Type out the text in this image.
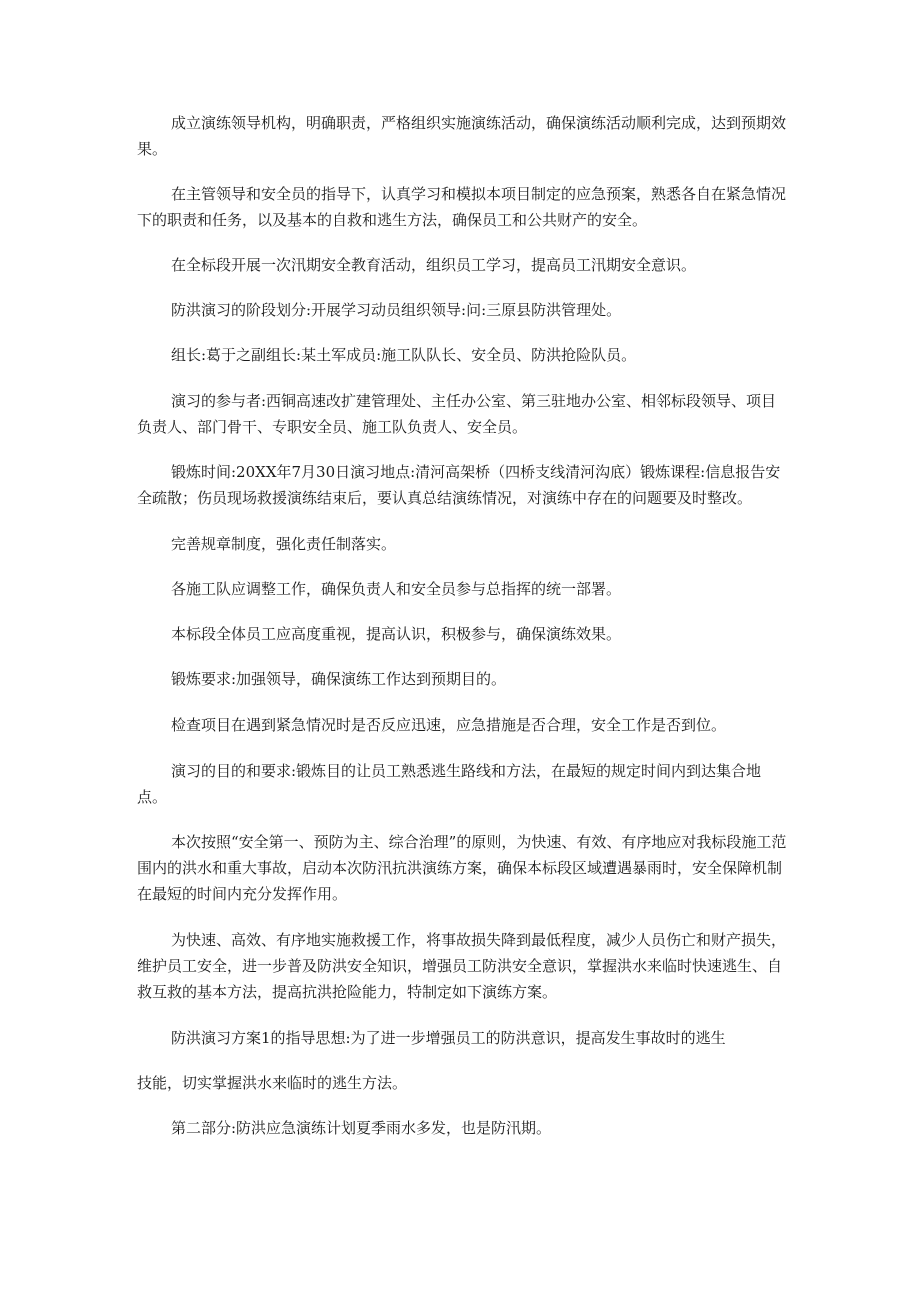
成立演练领导机构，明确职责，严格组织实施演练活动，确保演练活动顺利完成，达到预期效果。

在主管领导和安全员的指导下，认真学习和模拟本项目制定的应急预案，熟悉各自在紧急情况下的职责和任务，以及基本的自救和逃生方法，确保员工和公共财产的安全。

在全标段开展一次汛期安全教育活动，组织员工学习，提高员工汛期安全意识。

防洪演习的阶段划分:开展学习动员组织领导:问:三原县防洪管理处。

组长:葛于之副组长:某土军成员:施工队队长、安全员、防洪抢险队员。

演习的参与者:西铜高速改扩建管理处、主任办公室、第三驻地办公室、相邻标段领导、项目负责人、部门骨干、专职安全员、施工队负责人、安全员。

锻炼时间:20XX年7月30日演习地点:清河高架桥（四桥支线清河沟底）锻炼课程:信息报告安全疏散；伤员现场救援演练结束后，要认真总结演练情况，对演练中存在的问题要及时整改。

完善规章制度，强化责任制落实。

各施工队应调整工作，确保负责人和安全员参与总指挥的统一部署。

本标段全体员工应高度重视，提高认识，积极参与，确保演练效果。

锻炼要求:加强领导，确保演练工作达到预期目的。

检查项目在遇到紧急情况时是否反应迅速，应急措施是否合理，安全工作是否到位。

演习的目的和要求:锻炼目的让员工熟悉逃生路线和方法，在最短的规定时间内到达集合地点。

本次按照“安全第一、预防为主、综合治理”的原则，为快速、有效、有序地应对我标段施工范围内的洪水和重大事故，启动本次防汛抗洪演练方案，确保本标段区域遭遇暴雨时，安全保障机制在最短的时间内充分发挥作用。

为快速、高效、有序地实施救援工作，将事故损失降到最低程度，减少人员伤亡和财产损失，维护员工安全，进一步普及防洪安全知识，增强员工防洪安全意识，掌握洪水来临时快速逃生、自救互救的基本方法，提高抗洪抢险能力，特制定如下演练方案。

防洪演习方案1的指导思想:为了进一步增强员工的防洪意识，提高发生事故时的逃生

技能，切实掌握洪水来临时的逃生方法。

第二部分:防洪应急演练计划夏季雨水多发，也是防汛期。
